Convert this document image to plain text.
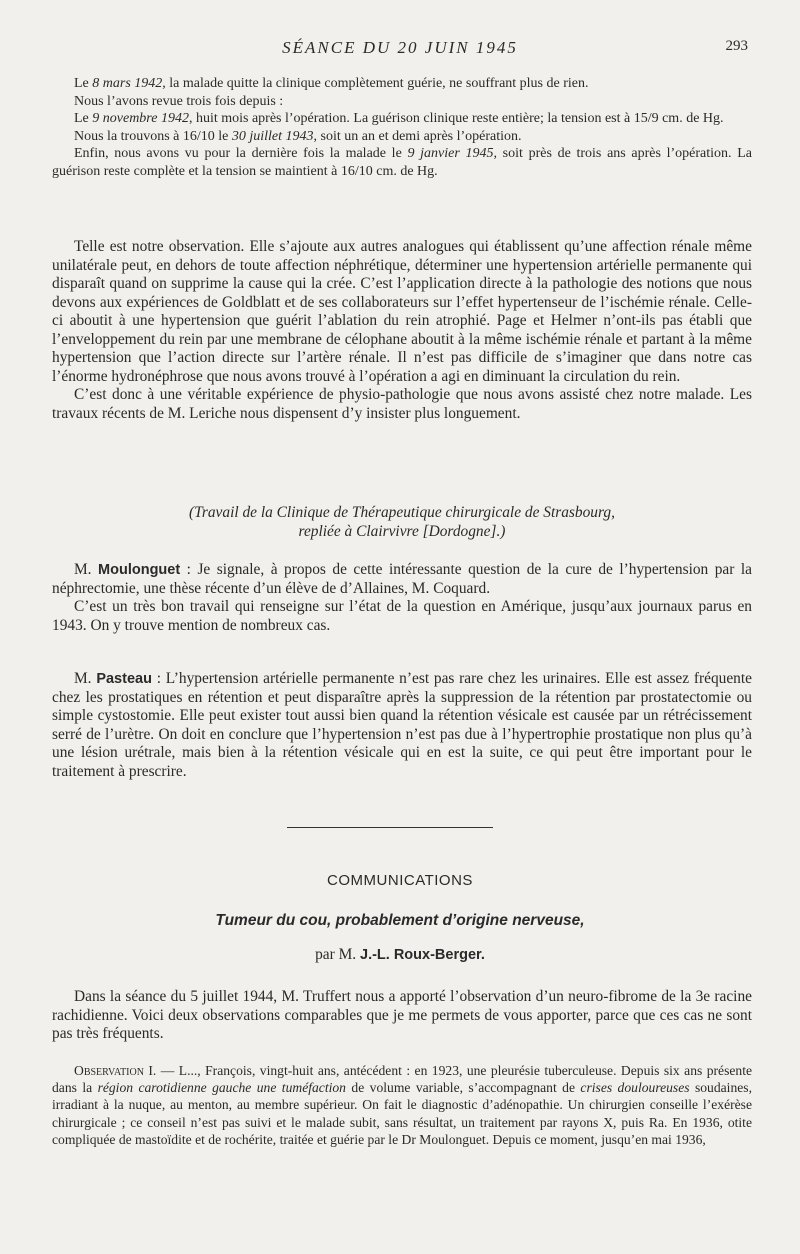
SÉANCE DU 20 JUIN 1945	293

Le 8 mars 1942, la malade quitte la clinique complètement guérie, ne souffrant plus de rien.

Nous l’avons revue trois fois depuis :

Le 9 novembre 1942, huit mois après l’opération. La guérison clinique reste entière; la tension est à 15/9 cm. de Hg.

Nous la trouvons à 16/10 le 30 juillet 1943, soit un an et demi après l’opération.

Enfin, nous avons vu pour la dernière fois la malade le 9 janvier 1945, soit près de trois ans après l’opération. La guérison reste complète et la tension se maintient à 16/10 cm. de Hg.

Telle est notre observation. Elle s’ajoute aux autres analogues qui établissent qu’une affection rénale même unilatérale peut, en dehors de toute affection néphrétique, déterminer une hypertension artérielle permanente qui disparaît quand on supprime la cause qui la crée. C’est l’application directe à la pathologie des notions que nous devons aux expériences de Goldblatt et de ses collaborateurs sur l’effet hypertenseur de l’ischémie rénale. Celle-ci aboutit à une hypertension que guérit l’ablation du rein atrophié. Page et Helmer n’ont-ils pas établi que l’enveloppement du rein par une membrane de célophane aboutit à la même ischémie rénale et partant à la même hypertension que l’action directe sur l’artère rénale. Il n’est pas difficile de s’imaginer que dans notre cas l’énorme hydronéphrose que nous avons trouvé à l’opération a agi en diminuant la circulation du rein.

C’est donc à une véritable expérience de physio-pathologie que nous avons assisté chez notre malade. Les travaux récents de M. Leriche nous dispensent d’y insister plus longuement.

(Travail de la Clinique de Thérapeutique chirurgicale de Strasbourg,
repliée à Clairvivre [Dordogne].)

M. Moulonguet : Je signale, à propos de cette intéressante question de la cure de l’hypertension par la néphrectomie, une thèse récente d’un élève de d’Allaines, M. Coquard.

C’est un très bon travail qui renseigne sur l’état de la question en Amérique, jusqu’aux journaux parus en 1943. On y trouve mention de nombreux cas.

M. Pasteau : L’hypertension artérielle permanente n’est pas rare chez les urinaires. Elle est assez fréquente chez les prostatiques en rétention et peut disparaître après la suppression de la rétention par prostatectomie ou simple cystostomie. Elle peut exister tout aussi bien quand la rétention vésicale est causée par un rétrécissement serré de l’urètre. On doit en conclure que l’hypertension n’est pas due à l’hypertrophie prostatique non plus qu’à une lésion urétrale, mais bien à la rétention vésicale qui en est la suite, ce qui peut être important pour le traitement à prescrire.

COMMUNICATIONS
Tumeur du cou, probablement d’origine nerveuse,
par M. J.-L. Roux-Berger.

Dans la séance du 5 juillet 1944, M. Truffert nous a apporté l’observation d’un neuro-fibrome de la 3e racine rachidienne. Voici deux observations comparables que je me permets de vous apporter, parce que ces cas ne sont pas très fréquents.

Observation I. — L..., François, vingt-huit ans, antécédent : en 1923, une pleurésie tuberculeuse. Depuis six ans présente dans la région carotidienne gauche une tuméfaction de volume variable, s’accompagnant de crises douloureuses soudaines, irradiant à la nuque, au menton, au membre supérieur. On fait le diagnostic d’adénopathie. Un chirurgien conseille l’exérèse chirurgicale ; ce conseil n’est pas suivi et le malade subit, sans résultat, un traitement par rayons X, puis Ra. En 1936, otite compliquée de mastoïdite et de rochérite, traitée et guérie par le Dr Moulonguet. Depuis ce moment, jusqu’en mai 1936,
